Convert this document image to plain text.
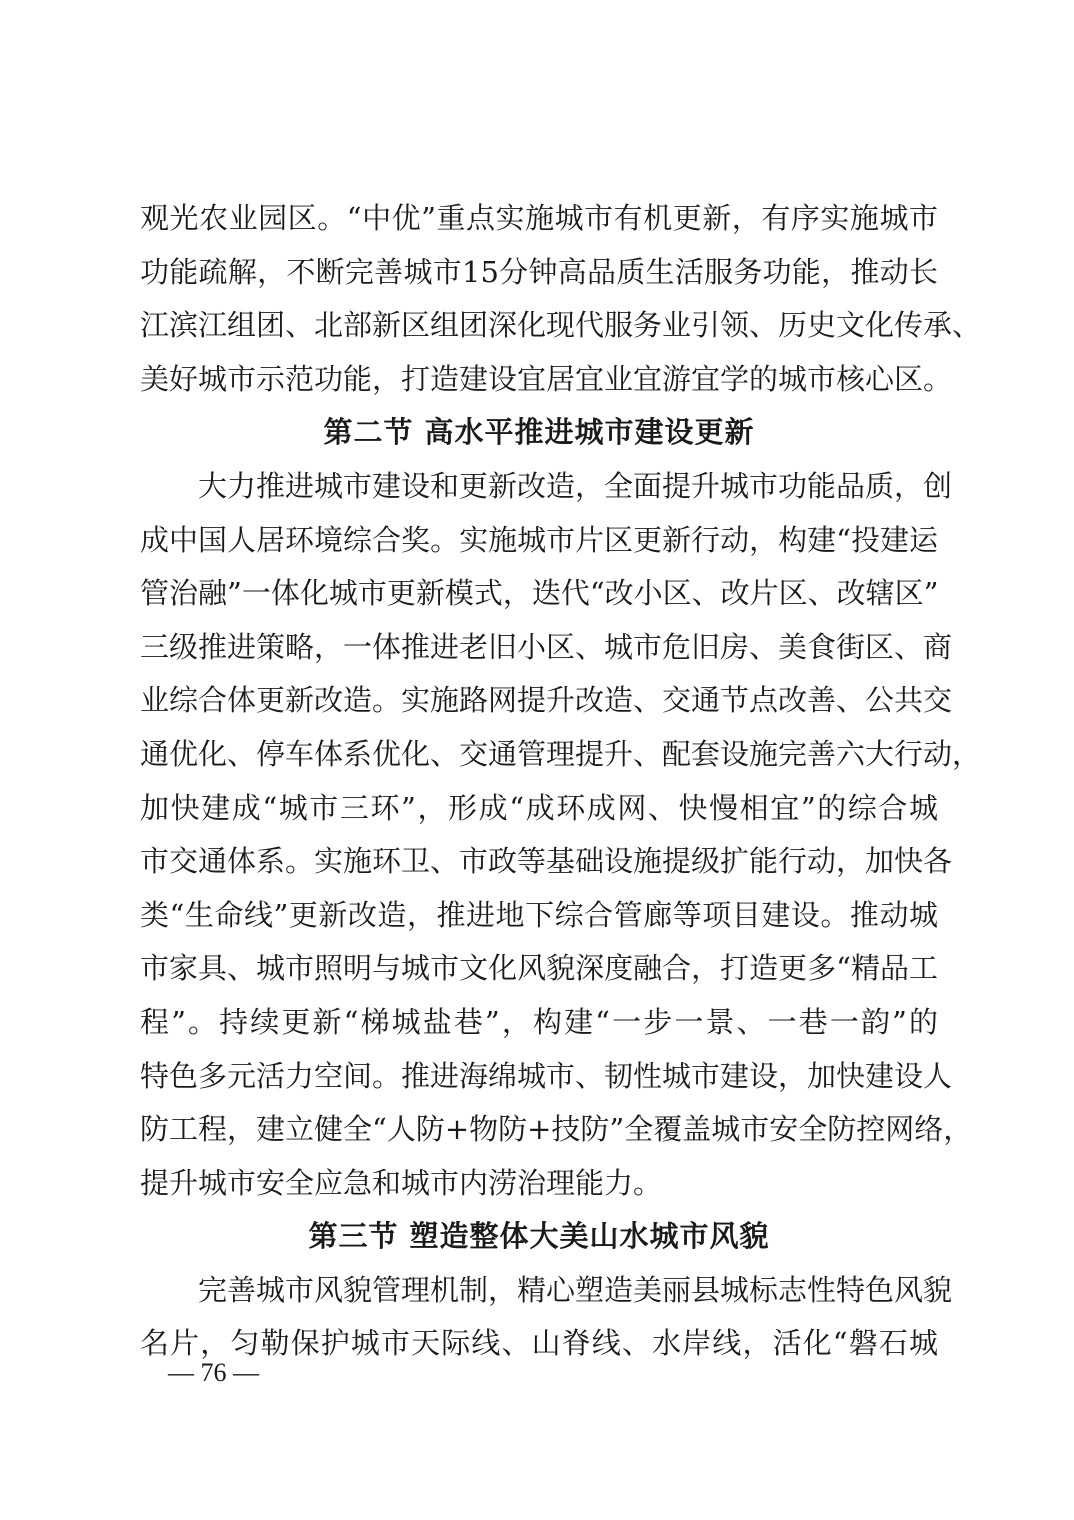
观光农业园区。“中优”重点实施城市有机更新，有序实施城市
功能疏解，不断完善城市15分钟高品质生活服务功能，推动长
江滨江组团、北部新区组团深化现代服务业引领、历史文化传承、
美好城市示范功能，打造建设宜居宜业宜游宜学的城市核心区。
第二节 高水平推进城市建设更新
大力推进城市建设和更新改造，全面提升城市功能品质，创
成中国人居环境综合奖。实施城市片区更新行动，构建“投建运
管治融”一体化城市更新模式，迭代“改小区、改片区、改辖区”
三级推进策略，一体推进老旧小区、城市危旧房、美食街区、商
业综合体更新改造。实施路网提升改造、交通节点改善、公共交
通优化、停车体系优化、交通管理提升、配套设施完善六大行动，
加快建成“城市三环”，形成“成环成网、快慢相宜”的综合城
市交通体系。实施环卫、市政等基础设施提级扩能行动，加快各
类“生命线”更新改造，推进地下综合管廊等项目建设。推动城
市家具、城市照明与城市文化风貌深度融合，打造更多“精品工
程”。持续更新“梯城盐巷”，构建“一步一景、一巷一韵”的
特色多元活力空间。推进海绵城市、韧性城市建设，加快建设人
防工程，建立健全“人防+物防+技防”全覆盖城市安全防控网络，
提升城市安全应急和城市内涝治理能力。
第三节 塑造整体大美山水城市风貌
完善城市风貌管理机制，精心塑造美丽县城标志性特色风貌
名片，匀勒保护城市天际线、山脊线、水岸线，活化“磐石城
— 76 —
